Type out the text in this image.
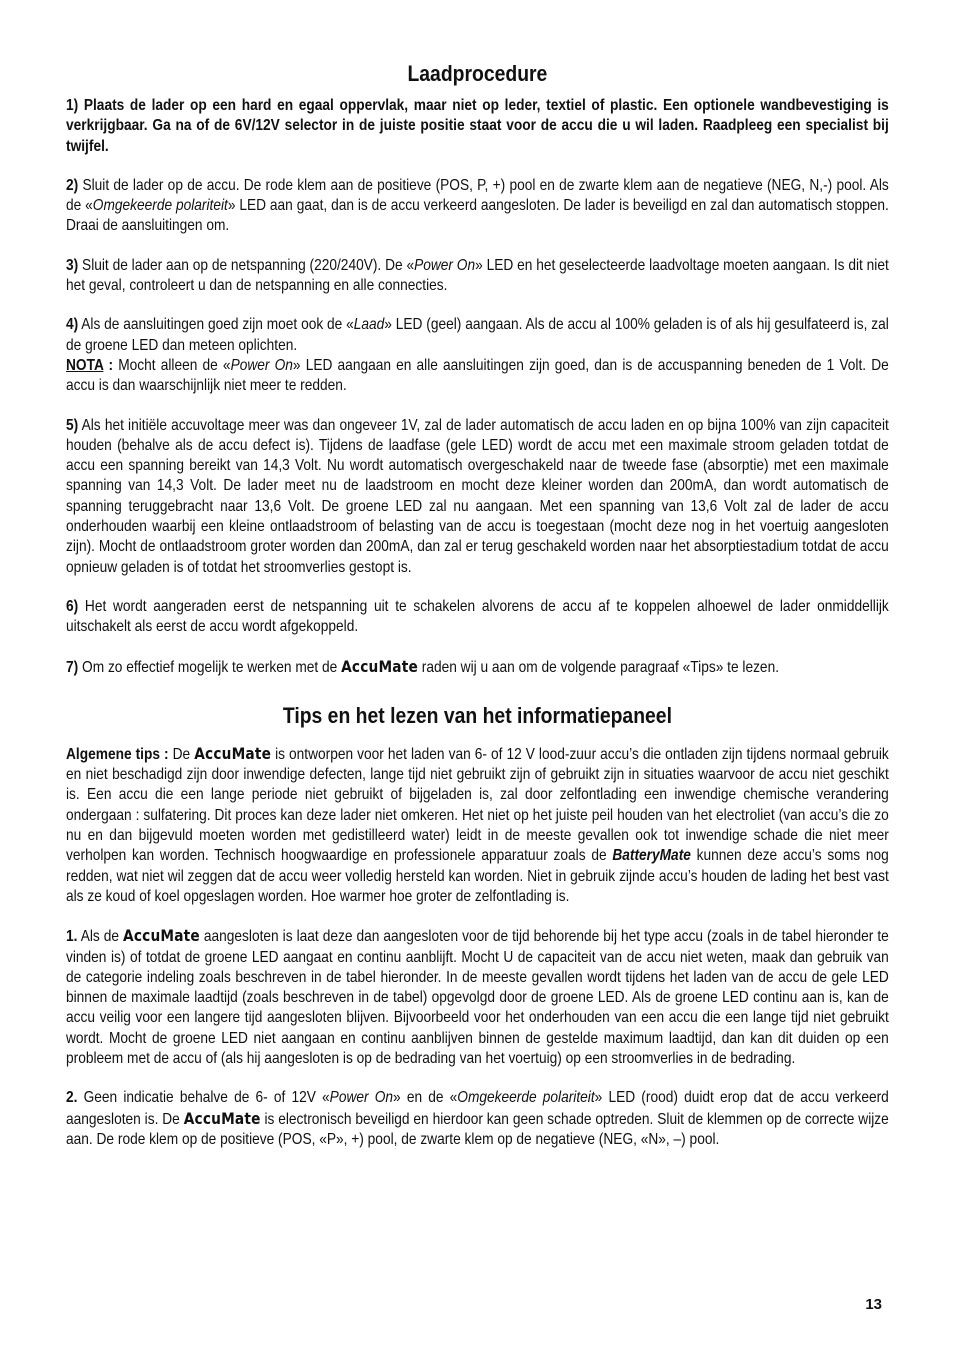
Laadprocedure

1) Plaats de lader op een hard en egaal oppervlak, maar niet op leder, textiel of plastic. Een optionele wandbevestiging is verkrijgbaar. Ga na of de 6V/12V selector in de juiste positie staat voor de accu die u wil laden. Raadpleeg een specialist bij twijfel.

2) Sluit de lader op de accu. De rode klem aan de positieve (POS, P, +) pool en de zwarte klem aan de negatieve (NEG, N,-) pool. Als de «Omgekeerde polariteit» LED aan gaat, dan is de accu verkeerd aangesloten. De lader is beveiligd en zal dan automatisch stoppen. Draai de aansluitingen om.

3) Sluit de lader aan op de netspanning (220/240V). De «Power On» LED en het geselecteerde laadvoltage moeten aangaan. Is dit niet het geval, controleert u dan de netspanning en alle connecties.

4) Als de aansluitingen goed zijn moet ook de «Laad» LED (geel) aangaan. Als de accu al 100% geladen is of als hij gesulfateerd is, zal de groene LED dan meteen oplichten.

NOTA : Mocht alleen de «Power On» LED aangaan en alle aansluitingen zijn goed, dan is de accuspanning beneden de 1 Volt. De accu is dan waarschijnlijk niet meer te redden.

5) Als het initiële accuvoltage meer was dan ongeveer 1V, zal de lader automatisch de accu laden en op bijna 100% van zijn capaciteit houden (behalve als de accu defect is). Tijdens de laadfase (gele LED) wordt de accu met een maximale stroom geladen totdat de accu een spanning bereikt van 14,3 Volt. Nu wordt automatisch overgeschakeld naar de tweede fase (absorptie) met een maximale spanning van 14,3 Volt. De lader meet nu de laadstroom en mocht deze kleiner worden dan 200mA, dan wordt automatisch de spanning teruggebracht naar 13,6 Volt. De groene LED zal nu aangaan. Met een spanning van 13,6 Volt zal de lader de accu onderhouden waarbij een kleine ontlaadstroom of belasting van de accu is toegestaan (mocht deze nog in het voertuig aangesloten zijn). Mocht de ontlaadstroom groter worden dan 200mA, dan zal er terug geschakeld worden naar het absorptiestadium totdat de accu opnieuw geladen is of totdat het stroomverlies gestopt is.

6) Het wordt aangeraden eerst de netspanning uit te schakelen alvorens de accu af te koppelen alhoewel de lader onmiddellijk uitschakelt als eerst de accu wordt afgekoppeld.

7) Om zo effectief mogelijk te werken met de AccuMate raden wij u aan om de volgende paragraaf «Tips» te lezen.

Tips en het lezen van het informatiepaneel

Algemene tips : De AccuMate is ontworpen voor het laden van 6- of 12 V lood-zuur accu’s die ontladen zijn tijdens normaal gebruik en niet beschadigd zijn door inwendige defecten, lange tijd niet gebruikt zijn of gebruikt zijn in situaties waarvoor de accu niet geschikt is. Een accu die een lange periode niet gebruikt of bijgeladen is, zal door zelfontlading een inwendige chemische verandering ondergaan : sulfatering. Dit proces kan deze lader niet omkeren. Het niet op het juiste peil houden van het electroliet (van accu’s die zo nu en dan bijgevuld moeten worden met gedistilleerd water) leidt in de meeste gevallen ook tot inwendige schade die niet meer verholpen kan worden. Technisch hoogwaardige en professionele apparatuur zoals de BatteryMate kunnen deze accu’s soms nog redden, wat niet wil zeggen dat de accu weer volledig hersteld kan worden. Niet in gebruik zijnde accu’s houden de lading het best vast als ze koud of koel opgeslagen worden. Hoe warmer hoe groter de zelfontlading is.

1. Als de AccuMate aangesloten is laat deze dan aangesloten voor de tijd behorende bij het type accu (zoals in de tabel hieronder te vinden is) of totdat de groene LED aangaat en continu aanblijft. Mocht U de capaciteit van de accu niet weten, maak dan gebruik van de categorie indeling zoals beschreven in de tabel hieronder. In de meeste gevallen wordt tijdens het laden van de accu de gele LED binnen de maximale laadtijd (zoals beschreven in de tabel) opgevolgd door de groene LED. Als de groene LED continu aan is, kan de accu veilig voor een langere tijd aangesloten blijven. Bijvoorbeeld voor het onderhouden van een accu die een lange tijd niet gebruikt wordt. Mocht de groene LED niet aangaan en continu aanblijven binnen de gestelde maximum laadtijd, dan kan dit duiden op een probleem met de accu of (als hij aangesloten is op de bedrading van het voertuig) op een stroomverlies in de bedrading.

2. Geen indicatie behalve de 6- of 12V «Power On» en de «Omgekeerde polariteit» LED (rood) duidt erop dat de accu verkeerd aangesloten is. De AccuMate is electronisch beveiligd en hierdoor kan geen schade optreden. Sluit de klemmen op de correcte wijze aan. De rode klem op de positieve (POS, «P», +) pool, de zwarte klem op de negatieve (NEG, «N», –) pool.

13
